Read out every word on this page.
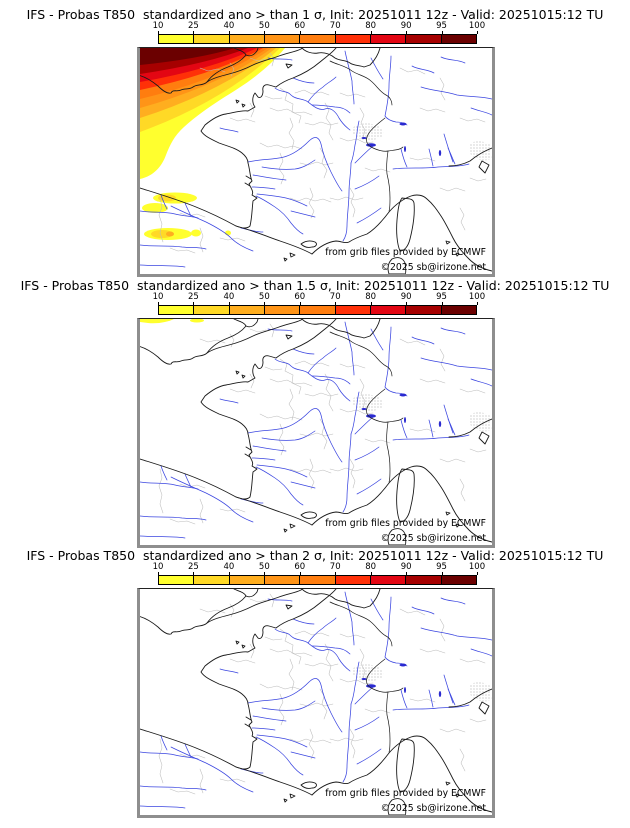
IFS - Probas T850  standardized ano > than 1 σ, Init: 20251011 12z - Valid: 20251015:12 TU
10	25	40	50	60	70	80	90	95	100
from grib files provided by ECMWF
©2025 sb@irizone.net
IFS - Probas T850  standardized ano > than 1.5 σ, Init: 20251011 12z - Valid: 20251015:12 TU
10	25	40	50	60	70	80	90	95	100
from grib files provided by ECMWF
©2025 sb@irizone.net
IFS - Probas T850  standardized ano > than 2 σ, Init: 20251011 12z - Valid: 20251015:12 TU
10	25	40	50	60	70	80	90	95	100
from grib files provided by ECMWF
©2025 sb@irizone.net
